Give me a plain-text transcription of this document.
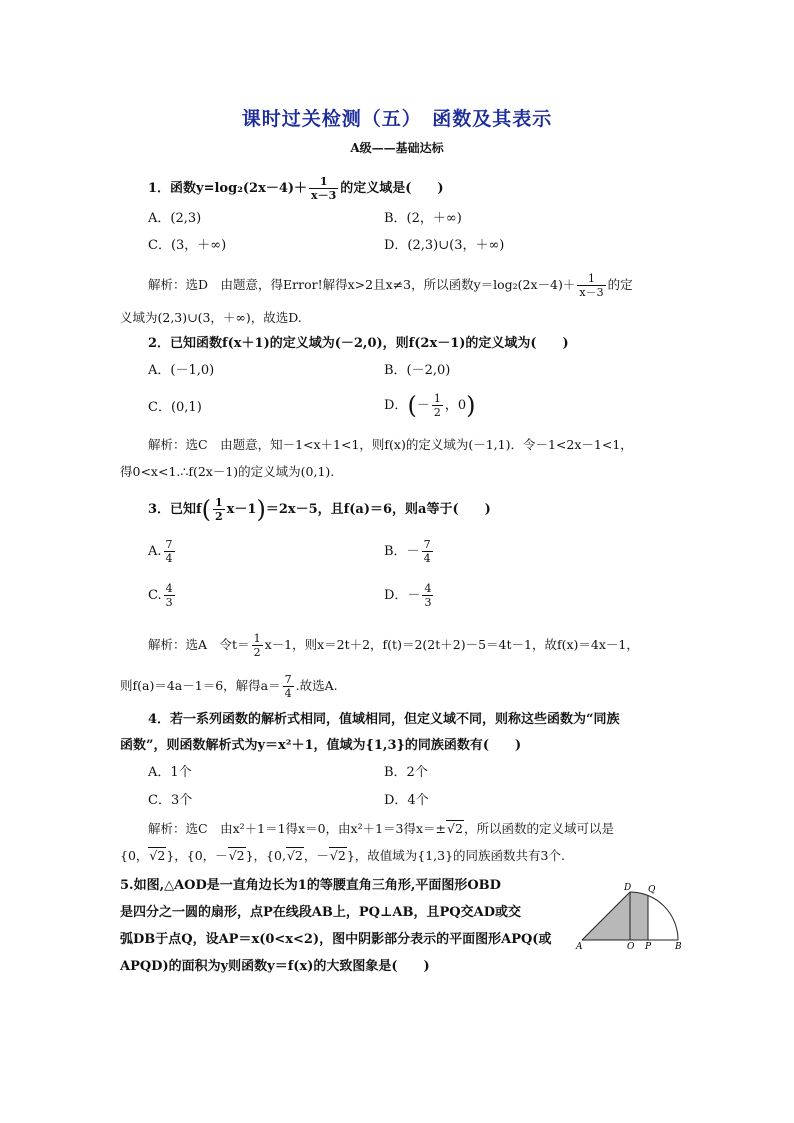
课时过关检测（五）　函数及其表示
A级——基础达标
1．函数$y=\log_2(2x-4)+ \frac{1}{x-3}$ 的定义域是(　　)
A．(2,3)	B．(2，＋∞)
C．(3，＋∞)	D．(2,3)∪(3，＋∞)
解析：选D　由题意，得Error!解得x>2且x≠3，所以函数$y=\log_2(2x-4)+ \frac{1}{x-3}$ 的定
义域为(2,3)∪(3，＋∞)，故选D.
2．已知函数f(x＋1)的定义域为(－2,0)，则f(2x－1)的定义域为(　　)
A．(－1,0)	B．(－2,0)
C．(0,1)	D．(－ $\frac{1}{2}$ ，0)
解析：选C　由题意，知－1<x＋1<1，则f(x)的定义域为(－1,1)．令－1<2x－1<1，
得0<x<1.∴f(2x－1)的定义域为(0,1).
3．已知$f( \frac{1}{2} x-1)=2x-5$，且f(a)＝6，则a等于(　　)
A. $\frac{7}{4}$	B．－ $\frac{7}{4}$
C. $\frac{4}{3}$	D．－ $\frac{4}{3}$
解析：选A　令$t= \frac{1}{2} x-1$，则x＝2t＋2，f(t)＝2(2t＋2)－5＝4t－1，故f(x)＝4x－1，
则f(a)＝4a－1＝6，解得$a= \frac{7}{4}$ .故选A.
4．若一系列函数的解析式相同，值域相同，但定义域不同，则称这些函数为“同族
函数”，则函数解析式为y＝x²＋1，值域为{1,3}的同族函数有(　　)
A．1个	B．2个
C．3个	D．4个
解析：选C　由x²＋1＝1得x＝0，由x²＋1＝3得x＝±√2，所以函数的定义域可以是
{0，√2}，{0，－√2}，{0,√2，－√2}，故值域为{1,3}的同族函数共有3个.
5.如图,△AOD是一直角边长为1的等腰直角三角形,平面图形OBD
是四分之一圆的扇形，点P在线段AB上，PQ⊥AB，且PQ交AD或交
弧DB于点Q，设AP＝x(0<x<2)，图中阴影部分表示的平面图形APQ(或
APQD)的面积为y则函数y＝f(x)的大致图象是(　　)
D Q
A	O P	B
